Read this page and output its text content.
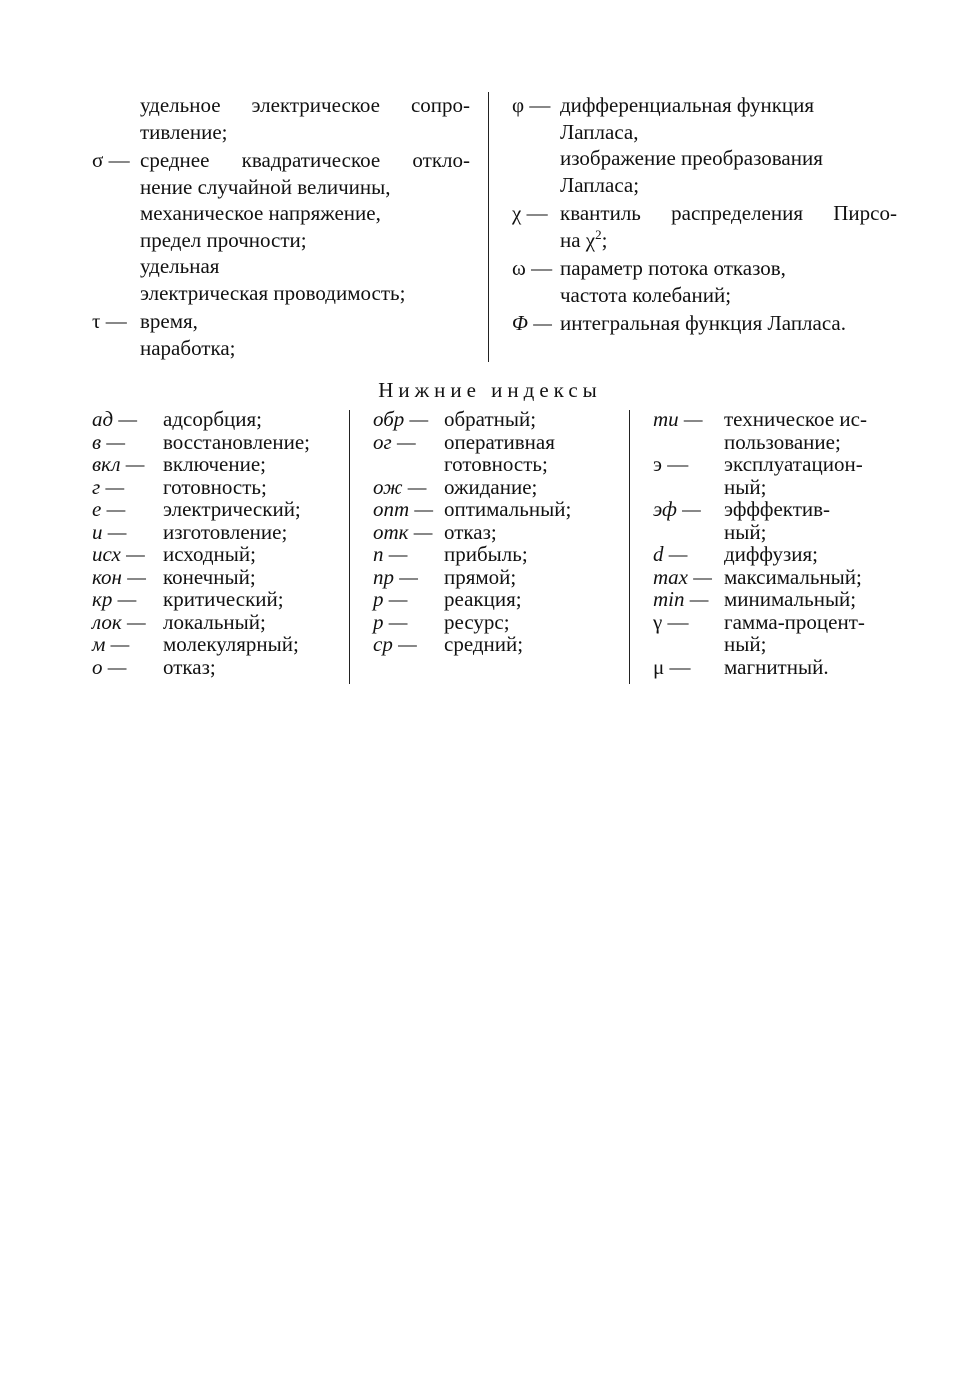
удельное электрическое сопро-
тивление;
σ — среднее квадратическое откло-
нение случайной величины,
механическое напряжение,
предел прочности;
удельная
электрическая проводимость;
τ — время,
наработка;
φ — дифференциальная функция
Лапласа,
изображение преобразования
Лапласа;
χ — квантиль распределения Пирсо-
на $\chi^2$;
ω — параметр потока отказов,
частота колебаний;
Φ — интегральная функция Лапласа.
Нижние индексы
ад — адсорбция;
в — восстановление;
вкл — включение;
г — готовность;
е — электрический;
и — изготовление;
исх — исходный;
кон — конечный;
кр — критический;
лок — локальный;
м — молекулярный;
о — отказ;
обр — обратный;
ог — оперативная
готовность;
ож — ожидание;
опт — оптимальный;
отк — отказ;
п — прибыль;
пр — прямой;
р — реакция;
р — ресурс;
ср — средний;
ти — техническое ис-
пользование;
э — эксплуатацион-
ный;
эф — эфффектив-
ный;
d — диффузия;
max — максимальный;
min — минимальный;
γ — гамма-процент-
ный;
μ — магнитный.
